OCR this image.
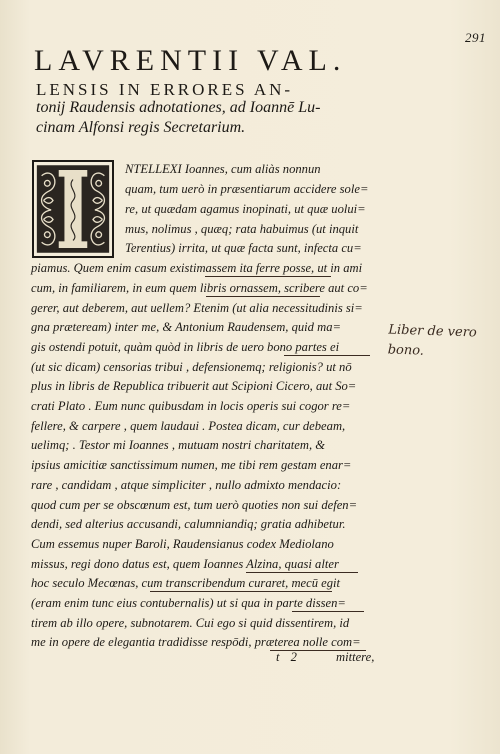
291
LAVRENTII VAL.
LENSIS IN ERRORES AN-
tonij Raudensis adnotationes, ad Ioannē Lu-
cinam Alfonsi regis Secretarium.
NTELLEXI Ioannes, cum aliàs nonnun
quam, tum uerò in præsentiarum accidere sole=
re, ut quædam agamus inopinati, ut quæ uolui=
mus, nolimus , quæq; rata habuimus (ut inquit
Terentius) irrita, ut quæ facta sunt, infecta cu=
piamus. Quem enim casum existimassem ita ferre posse, ut in ami
cum, in familiarem, in eum quem libris ornassem, scribere aut co=
gerer, aut deberem, aut uellem? Etenim (ut alia necessitudinis si=
gna præteream) inter me, & Antonium Raudensem, quid ma=
gis ostendi potuit, quàm quòd in libris de uero bono partes ei
(ut sic dicam) censorias tribui , defensionemq; religionis? ut nō
plus in libris de Republica tribuerit aut Scipioni Cicero, aut So=
crati Plato . Eum nunc quibusdam in locis operis sui cogor re=
fellere, & carpere , quem laudaui . Postea dicam, cur debeam,
uelimq; . Testor mi Ioannes , mutuam nostri charitatem, &
ipsius amicitiæ sanctissimum numen, me tibi rem gestam enar=
rare , candidam , atque simpliciter , nullo admixto mendacio:
quod cum per se obscœnum est, tum uerò quoties non sui defen=
dendi, sed alterius accusandi, calumniandiq; gratia adhibetur.
Cum essemus nuper Baroli, Raudensianus codex Mediolano
missus, regi dono datus est, quem Ioannes Alzina, quasi alter
hoc seculo Mecœnas, cum transcribendum curaret, mecū egit
(eram enim tunc eius contubernalis) ut si qua in parte dissen=
tirem ab illo opere, subnotarem. Cui ego si quid dissentirem, id
me in opere de elegantia tradidisse respōdi, præterea nolle com=
t 2	mittere,
Liber de vero
bono.
